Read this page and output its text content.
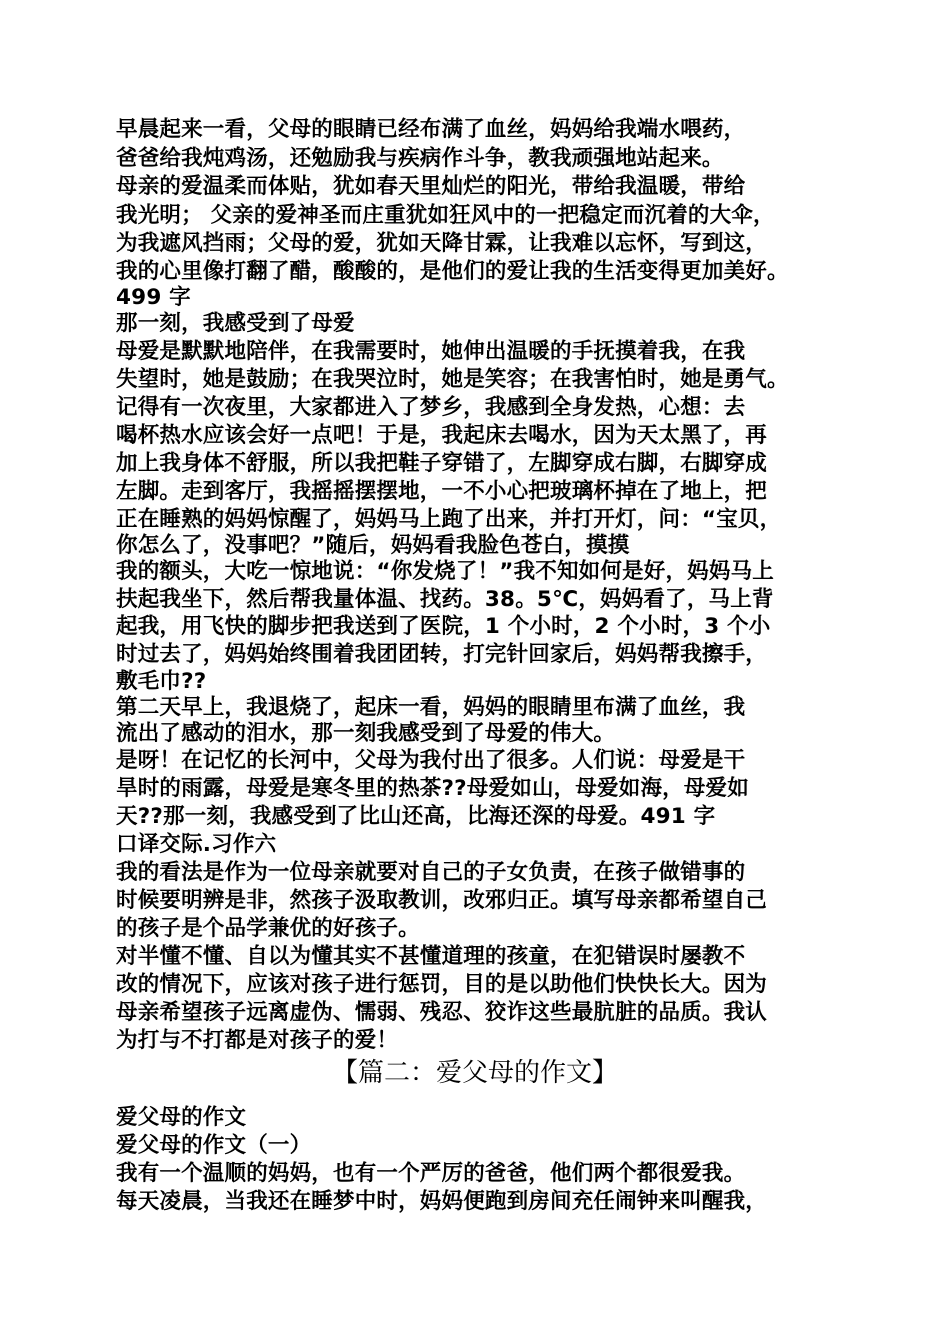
早晨起来一看，父母的眼睛已经布满了血丝，妈妈给我端水喂药，
爸爸给我炖鸡汤，还勉励我与疾病作斗争，教我顽强地站起来。
母亲的爱温柔而体贴，犹如春天里灿烂的阳光，带给我温暖，带给
我光明； 父亲的爱神圣而庄重犹如狂风中的一把稳定而沉着的大伞，
为我遮风挡雨；父母的爱，犹如天降甘霖，让我难以忘怀，写到这，
我的心里像打翻了醋，酸酸的，是他们的爱让我的生活变得更加美好。
499 字
那一刻，我感受到了母爱
母爱是默默地陪伴，在我需要时，她伸出温暖的手抚摸着我，在我
失望时，她是鼓励；在我哭泣时，她是笑容；在我害怕时，她是勇气。
记得有一次夜里，大家都进入了梦乡，我感到全身发热，心想：去
喝杯热水应该会好一点吧！于是，我起床去喝水，因为天太黑了，再
加上我身体不舒服，所以我把鞋子穿错了，左脚穿成右脚，右脚穿成
左脚。走到客厅，我摇摇摆摆地，一不小心把玻璃杯掉在了地上，把
正在睡熟的妈妈惊醒了，妈妈马上跑了出来，并打开灯，问：“宝贝，
你怎么了，没事吧？”随后，妈妈看我脸色苍白，摸摸
我的额头，大吃一惊地说：“你发烧了！”我不知如何是好，妈妈马上
扶起我坐下，然后帮我量体温、找药。38。5℃，妈妈看了，马上背
起我，用飞快的脚步把我送到了医院，1 个小时，2 个小时，3 个小
时过去了，妈妈始终围着我团团转，打完针回家后，妈妈帮我擦手，
敷毛巾??
第二天早上，我退烧了，起床一看，妈妈的眼睛里布满了血丝，我
流出了感动的泪水，那一刻我感受到了母爱的伟大。
是呀！在记忆的长河中，父母为我付出了很多。人们说：母爱是干
旱时的雨露，母爱是寒冬里的热茶??母爱如山，母爱如海，母爱如
天??那一刻，我感受到了比山还高，比海还深的母爱。491 字
口译交际.习作六
我的看法是作为一位母亲就要对自己的子女负责，在孩子做错事的
时候要明辨是非，然孩子汲取教训，改邪归正。填写母亲都希望自己
的孩子是个品学兼优的好孩子。
对半懂不懂、自以为懂其实不甚懂道理的孩童，在犯错误时屡教不
改的情况下，应该对孩子进行惩罚，目的是以助他们快快长大。因为
母亲希望孩子远离虚伪、懦弱、残忍、狡诈这些最肮脏的品质。我认
为打与不打都是对孩子的爱！
【篇二：爱父母的作文】
爱父母的作文
爱父母的作文（一）
我有一个温顺的妈妈，也有一个严厉的爸爸，他们两个都很爱我。
每天凌晨，当我还在睡梦中时，妈妈便跑到房间充任闹钟来叫醒我，
